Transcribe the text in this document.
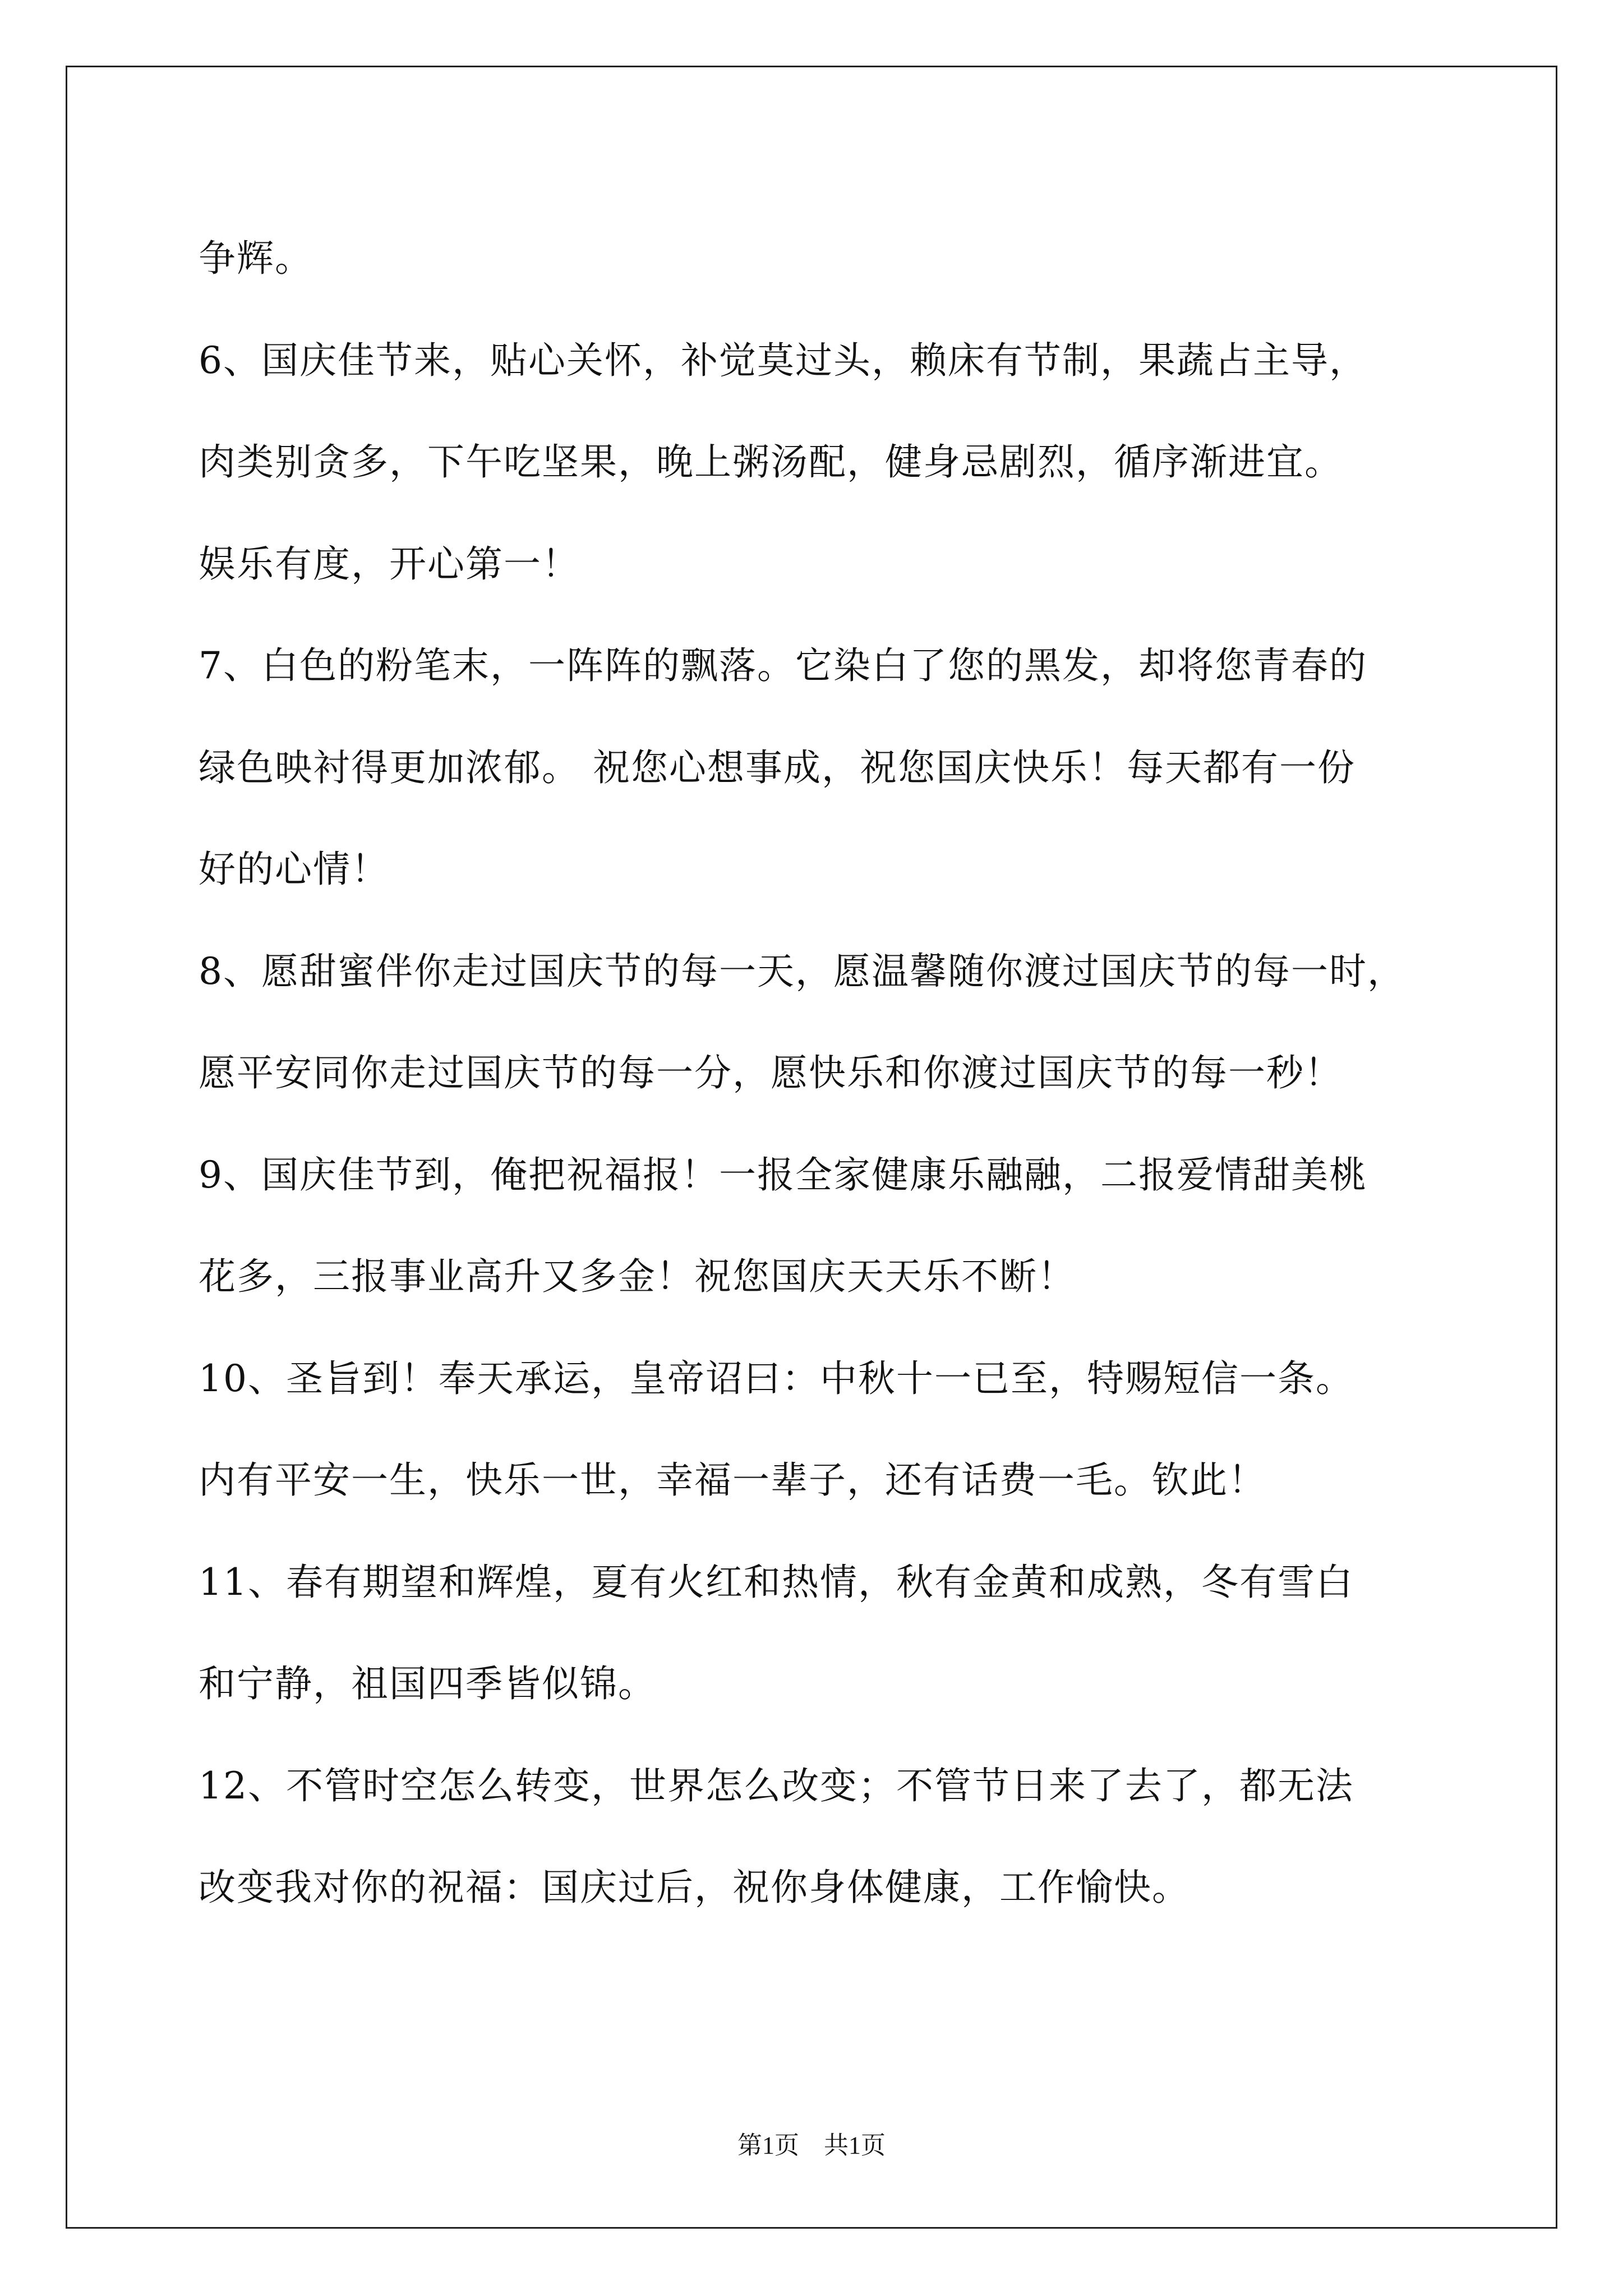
争辉。
6、国庆佳节来，贴心关怀，补觉莫过头，赖床有节制，果蔬占主导，
肉类别贪多，下午吃坚果，晚上粥汤配，健身忌剧烈，循序渐进宜。
娱乐有度，开心第一！
7、白色的粉笔末，一阵阵的飘落。它染白了您的黑发，却将您青春的
绿色映衬得更加浓郁。 祝您心想事成，祝您国庆快乐！每天都有一份
好的心情！
8、愿甜蜜伴你走过国庆节的每一天，愿温馨随你渡过国庆节的每一时，
愿平安同你走过国庆节的每一分，愿快乐和你渡过国庆节的每一秒！
9、国庆佳节到，俺把祝福报！一报全家健康乐融融，二报爱情甜美桃
花多，三报事业高升又多金！祝您国庆天天乐不断！
10、圣旨到！奉天承运，皇帝诏曰：中秋十一已至，特赐短信一条。
内有平安一生，快乐一世，幸福一辈子，还有话费一毛。钦此！
11、春有期望和辉煌，夏有火红和热情，秋有金黄和成熟，冬有雪白
和宁静，祖国四季皆似锦。
12、不管时空怎么转变，世界怎么改变；不管节日来了去了，都无法
改变我对你的祝福：国庆过后，祝你身体健康，工作愉快。
第1页　共1页
